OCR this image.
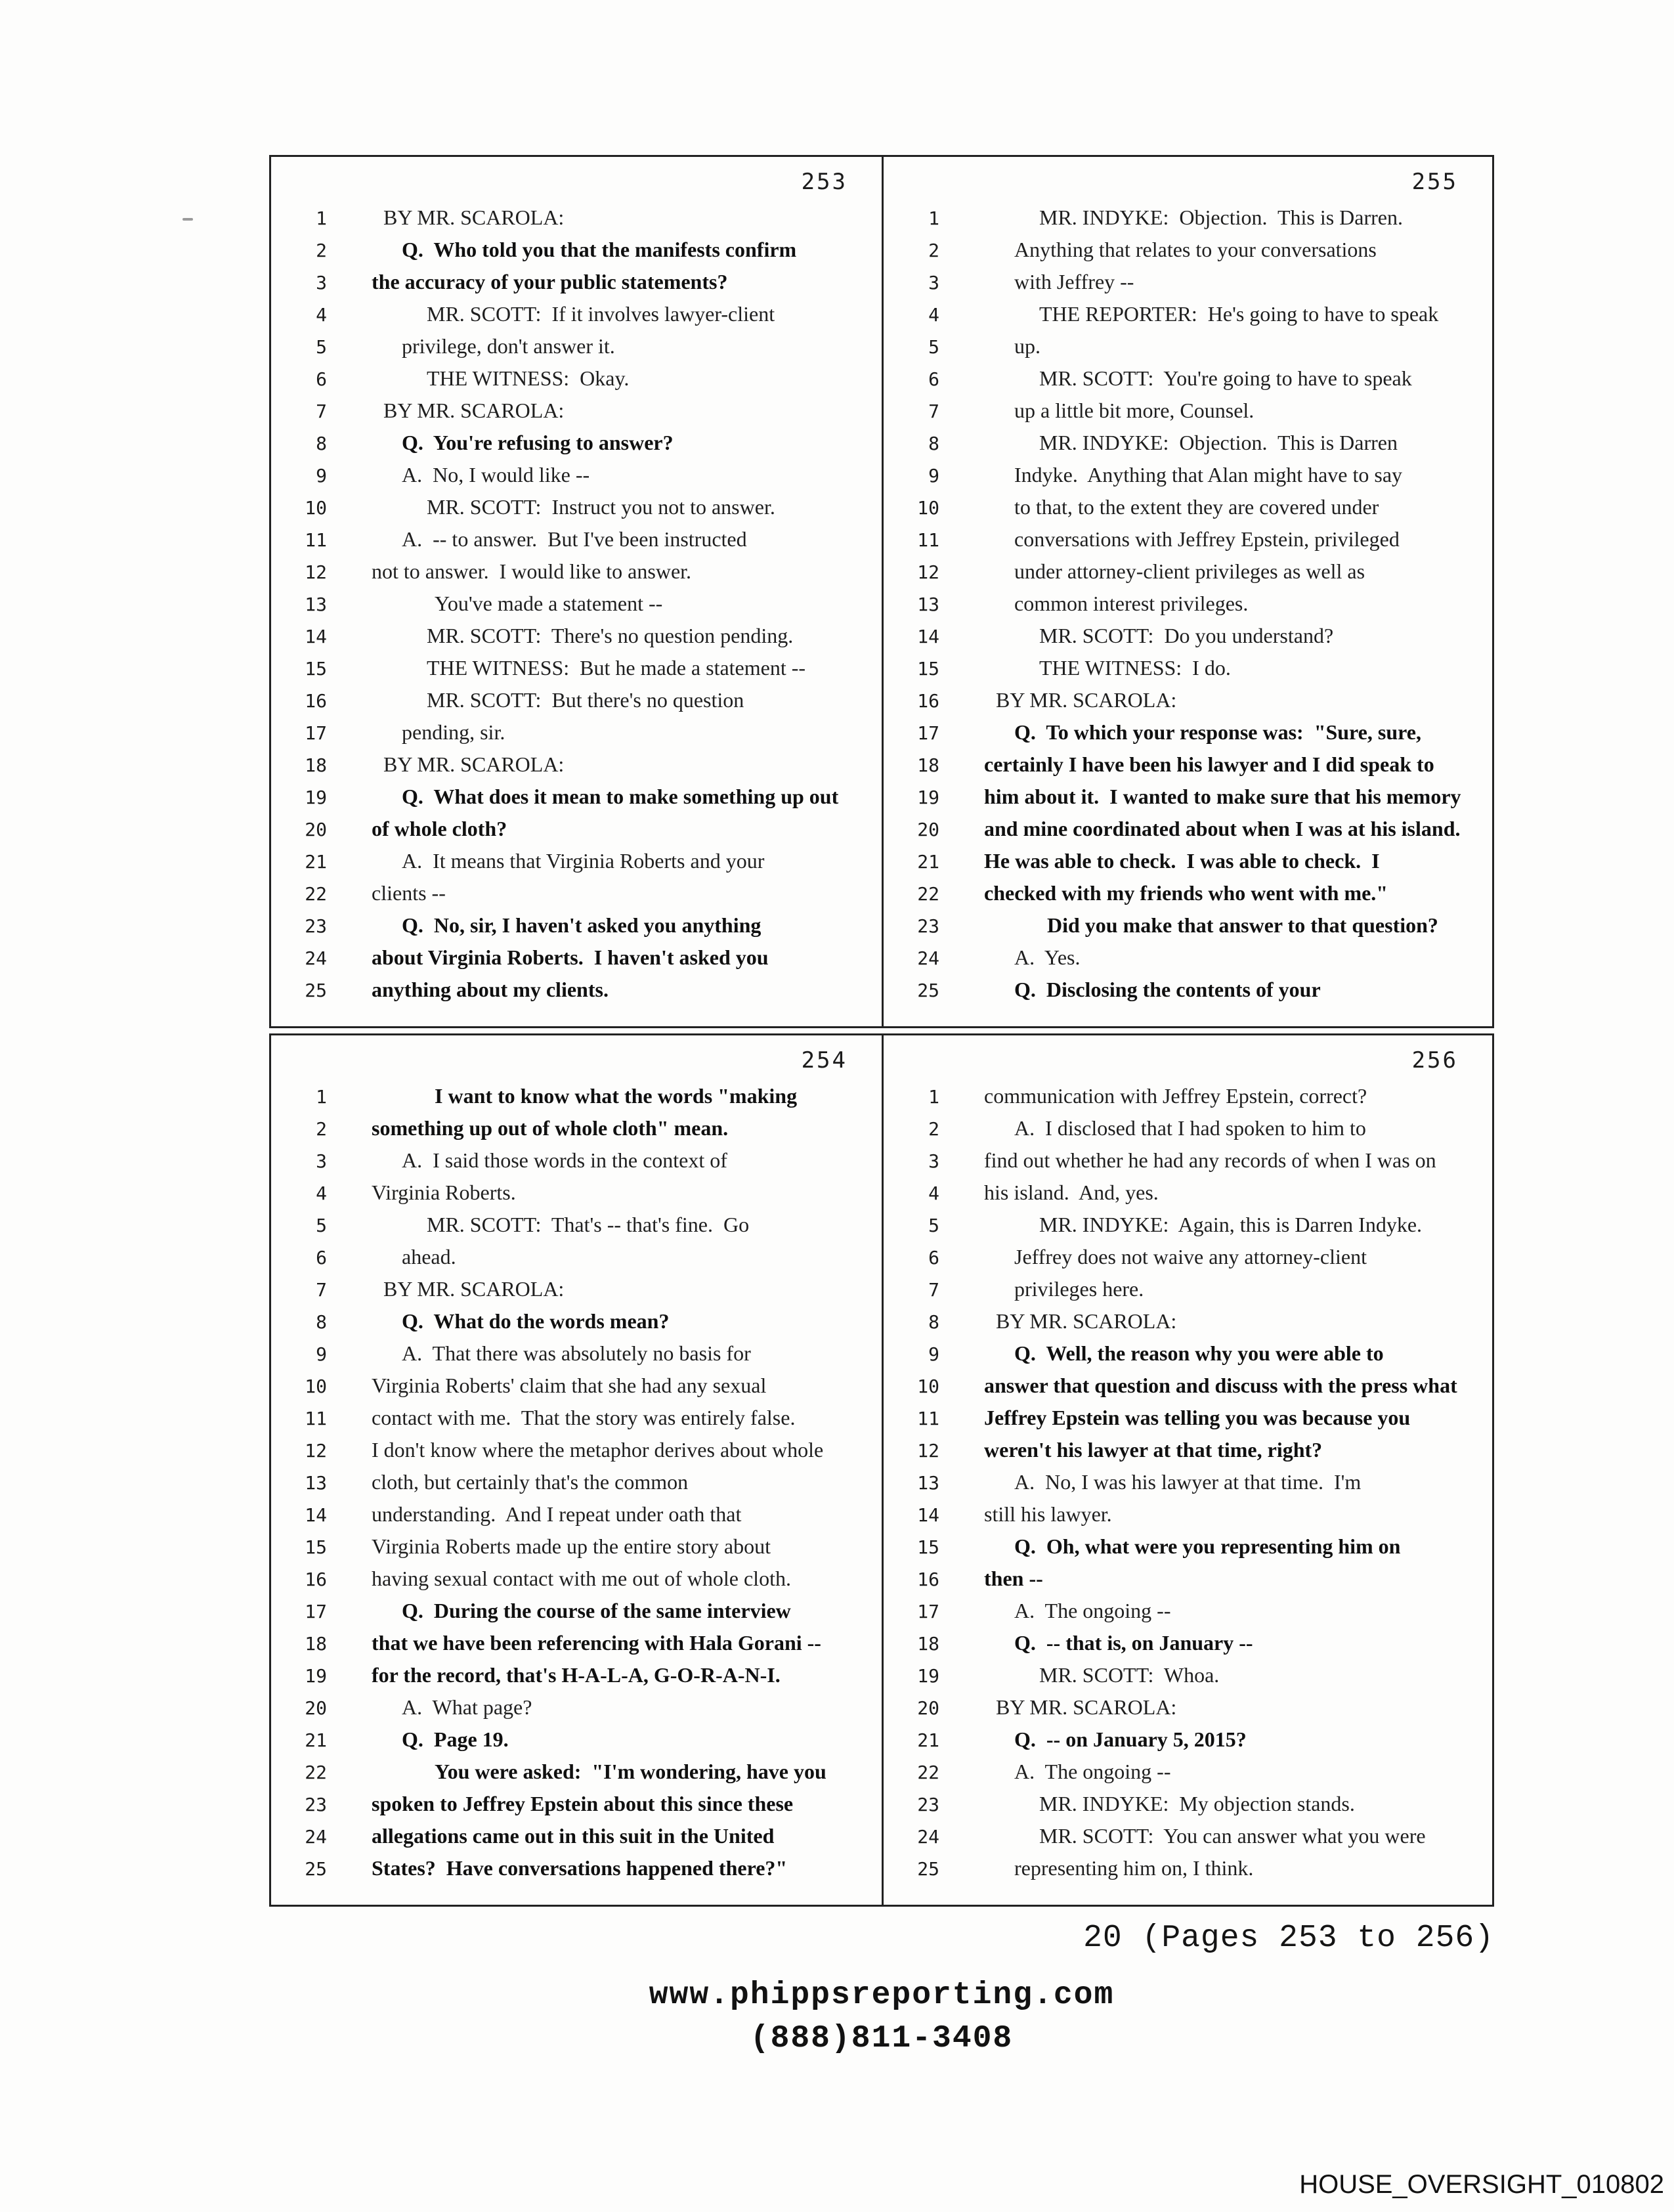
253
1	BY MR. SCAROLA:
2	Q.  Who told you that the manifests confirm
3 the accuracy of your public statements?
4	MR. SCOTT:  If it involves lawyer-client
5	privilege, don't answer it.
6	THE WITNESS:  Okay.
7	BY MR. SCAROLA:
8	Q.  You're refusing to answer?
9	A.  No, I would like --
10	MR. SCOTT:  Instruct you not to answer.
11	A.  -- to answer.  But I've been instructed
12 not to answer.  I would like to answer.
13	You've made a statement --
14	MR. SCOTT:  There's no question pending.
15	THE WITNESS:  But he made a statement --
16	MR. SCOTT:  But there's no question
17	pending, sir.
18	BY MR. SCAROLA:
19	Q.  What does it mean to make something up out
20 of whole cloth?
21	A.  It means that Virginia Roberts and your
22 clients --
23	Q.  No, sir, I haven't asked you anything
24 about Virginia Roberts.  I haven't asked you
25 anything about my clients.
255
1	MR. INDYKE:  Objection.  This is Darren.
2	Anything that relates to your conversations
3	with Jeffrey --
4	THE REPORTER:  He's going to have to speak
5	up.
6	MR. SCOTT:  You're going to have to speak
7	up a little bit more, Counsel.
8	MR. INDYKE:  Objection.  This is Darren
9	Indyke.  Anything that Alan might have to say
10	to that, to the extent they are covered under
11	conversations with Jeffrey Epstein, privileged
12	under attorney-client privileges as well as
13	common interest privileges.
14	MR. SCOTT:  Do you understand?
15	THE WITNESS:  I do.
16	BY MR. SCAROLA:
17	Q.  To which your response was:  "Sure, sure,
18 certainly I have been his lawyer and I did speak to
19 him about it.  I wanted to make sure that his memory
20 and mine coordinated about when I was at his island.
21 He was able to check.  I was able to check.  I
22 checked with my friends who went with me."
23	Did you make that answer to that question?
24	A.  Yes.
25	Q.  Disclosing the contents of your
254
1	I want to know what the words "making
2 something up out of whole cloth" mean.
3	A.  I said those words in the context of
4 Virginia Roberts.
5	MR. SCOTT:  That's -- that's fine.  Go
6	ahead.
7	BY MR. SCAROLA:
8	Q.  What do the words mean?
9	A.  That there was absolutely no basis for
10 Virginia Roberts' claim that she had any sexual
11 contact with me.  That the story was entirely false.
12 I don't know where the metaphor derives about whole
13 cloth, but certainly that's the common
14 understanding.  And I repeat under oath that
15 Virginia Roberts made up the entire story about
16 having sexual contact with me out of whole cloth.
17	Q.  During the course of the same interview
18 that we have been referencing with Hala Gorani --
19 for the record, that's H-A-L-A, G-O-R-A-N-I.
20	A.  What page?
21	Q.  Page 19.
22	You were asked:  "I'm wondering, have you
23 spoken to Jeffrey Epstein about this since these
24 allegations came out in this suit in the United
25 States?  Have conversations happened there?"
256
1 communication with Jeffrey Epstein, correct?
2	A.  I disclosed that I had spoken to him to
3 find out whether he had any records of when I was on
4 his island.  And, yes.
5	MR. INDYKE:  Again, this is Darren Indyke.
6	Jeffrey does not waive any attorney-client
7	privileges here.
8	BY MR. SCAROLA:
9	Q.  Well, the reason why you were able to
10 answer that question and discuss with the press what
11 Jeffrey Epstein was telling you was because you
12 weren't his lawyer at that time, right?
13	A.  No, I was his lawyer at that time.  I'm
14 still his lawyer.
15	Q.  Oh, what were you representing him on
16 then --
17	A.  The ongoing --
18	Q.  -- that is, on January --
19	MR. SCOTT:  Whoa.
20	BY MR. SCAROLA:
21	Q.  -- on January 5, 2015?
22	A.  The ongoing --
23	MR. INDYKE:  My objection stands.
24	MR. SCOTT:  You can answer what you were
25	representing him on, I think.
20 (Pages 253 to 256)
www.phippsreporting.com
(888)811-3408
HOUSE_OVERSIGHT_010802
